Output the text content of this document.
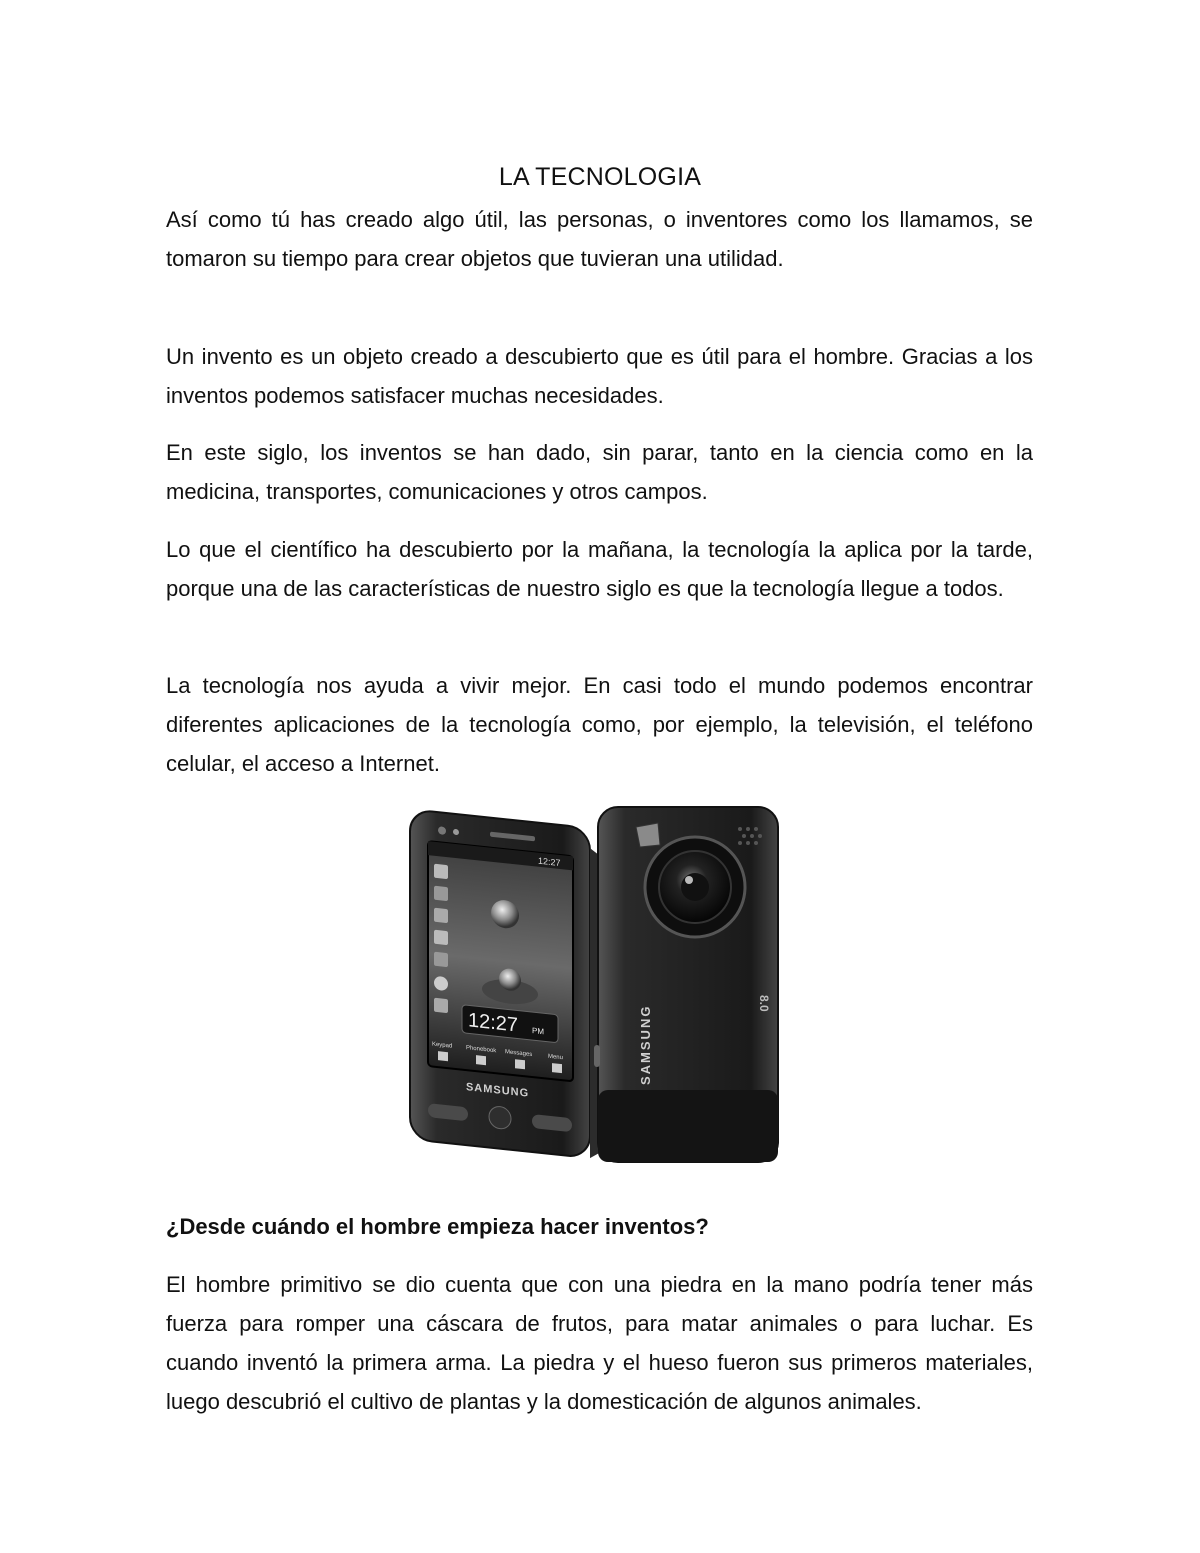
LA TECNOLOGIA

Así como tú has creado algo útil, las personas, o inventores como los llamamos, se tomaron su tiempo para crear objetos que tuvieran una utilidad.

Un invento es un objeto creado a descubierto que es útil para el hombre. Gracias a los inventos podemos satisfacer muchas necesidades.

En este siglo, los inventos se han dado, sin parar, tanto en la ciencia como en la medicina, transportes, comunicaciones y otros campos.

Lo que el científico ha descubierto por la mañana, la tecnología la aplica por la tarde, porque una de las características de nuestro siglo es que la tecnología llegue a todos.

La tecnología nos ayuda a vivir mejor. En casi todo el mundo podemos encontrar diferentes aplicaciones de la tecnología como, por ejemplo, la televisión, el teléfono celular, el acceso a Internet.

12:27
12:27 PM
Keypad Phonebook Messages	Menu
SAMSUNG
SAMSUNG
8.0

¿Desde cuándo el hombre empieza hacer inventos?

El hombre primitivo se dio cuenta que con una piedra en la mano podría tener más fuerza para romper una cáscara de frutos, para matar animales o para luchar. Es cuando inventó la primera arma. La piedra y el hueso fueron sus primeros materiales, luego descubrió el cultivo de plantas y la domesticación de algunos animales.
